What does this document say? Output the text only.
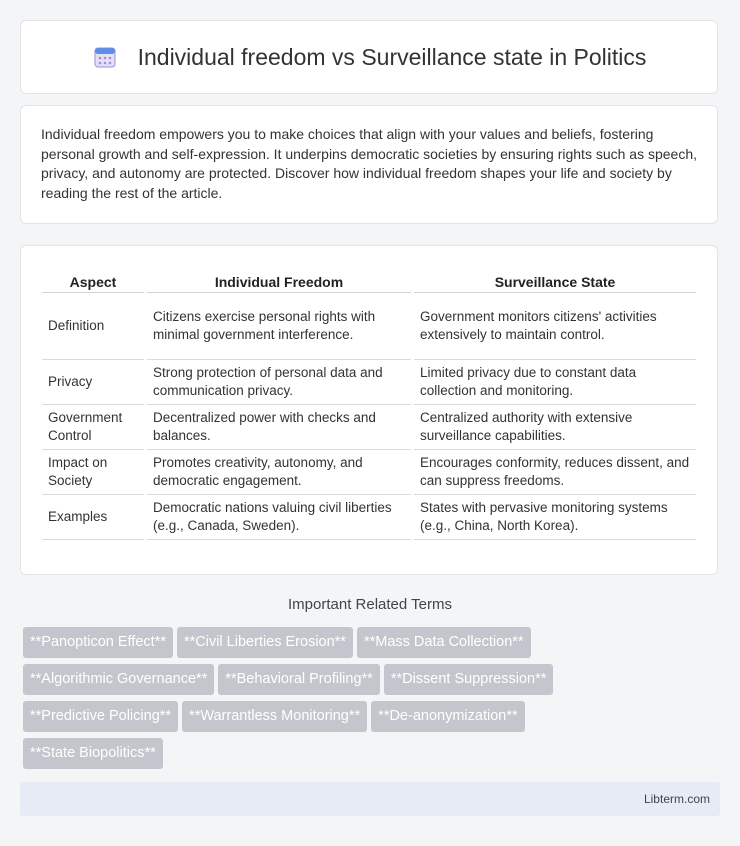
Individual freedom vs Surveillance state in Politics

Individual freedom empowers you to make choices that align with your values and beliefs, fostering personal growth and self-expression. It underpins democratic societies by ensuring rights such as speech, privacy, and autonomy are protected. Discover how individual freedom shapes your life and society by reading the rest of the article.

Aspect	Individual Freedom	Surveillance State
Definition	Citizens exercise personal rights with minimal government interference.	Government monitors citizens' activities extensively to maintain control.
Privacy	Strong protection of personal data and communication privacy.	Limited privacy due to constant data collection and monitoring.
Government Control	Decentralized power with checks and balances.	Centralized authority with extensive surveillance capabilities.
Impact on Society	Promotes creativity, autonomy, and democratic engagement.	Encourages conformity, reduces dissent, and can suppress freedoms.
Examples	Democratic nations valuing civil liberties (e.g., Canada, Sweden).	States with pervasive monitoring systems (e.g., China, North Korea).
Important Related Terms
**Panopticon Effect** **Civil Liberties Erosion** **Mass Data Collection**
**Algorithmic Governance** **Behavioral Profiling** **Dissent Suppression**
**Predictive Policing** **Warrantless Monitoring** **De-anonymization**
**State Biopolitics**
Libterm.com
